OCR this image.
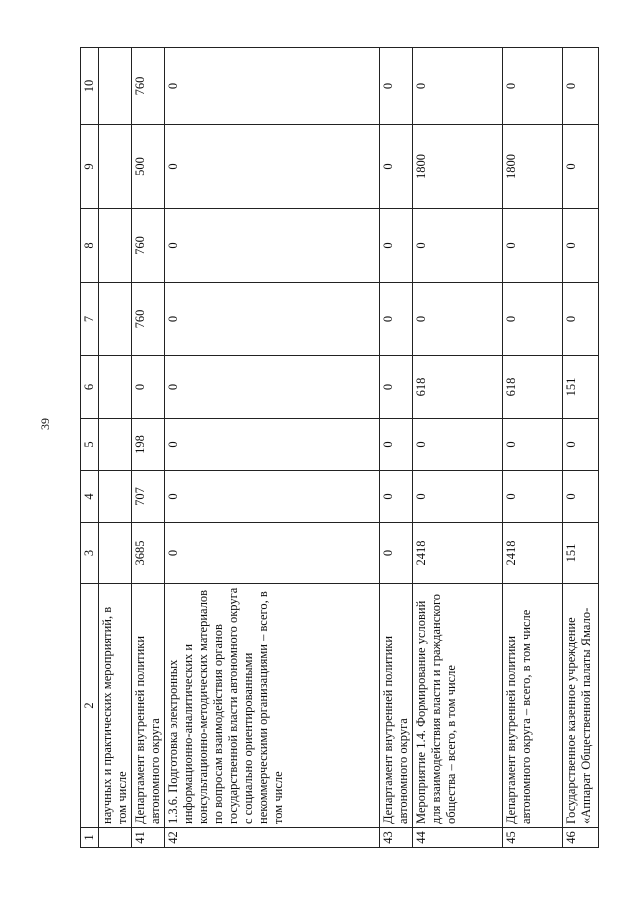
39
1	2	3	4	5	6	7	8	9	10
	научных и практических мероприятий, в том числе								
41	Департамент внутренней политики автономного округа	3685	707	198	0	760	760	500	760
42	1.3.6. Подготовка электронных информационно-аналитических и консультационно-методических материалов по вопросам взаимодействия органов государственной власти автономного округа с социально ориентированными некоммерческими организациями – всего, в том числе	0	0	0	0	0	0	0	0
43	Департамент внутренней политики автономного округа	0	0	0	0	0	0	0	0
44	Мероприятие 1.4. Формирование условий для взаимодействия власти и гражданского общества – всего, в том числе	2418	0	0	618	0	0	1800	0
45	Департамент внутренней политики автономного округа – всего, в том числе	2418	0	0	618	0	0	1800	0
46	Государственное казенное учреждение «Аппарат Общественной палаты Ямало-	151	0	0	151	0	0	0	0
